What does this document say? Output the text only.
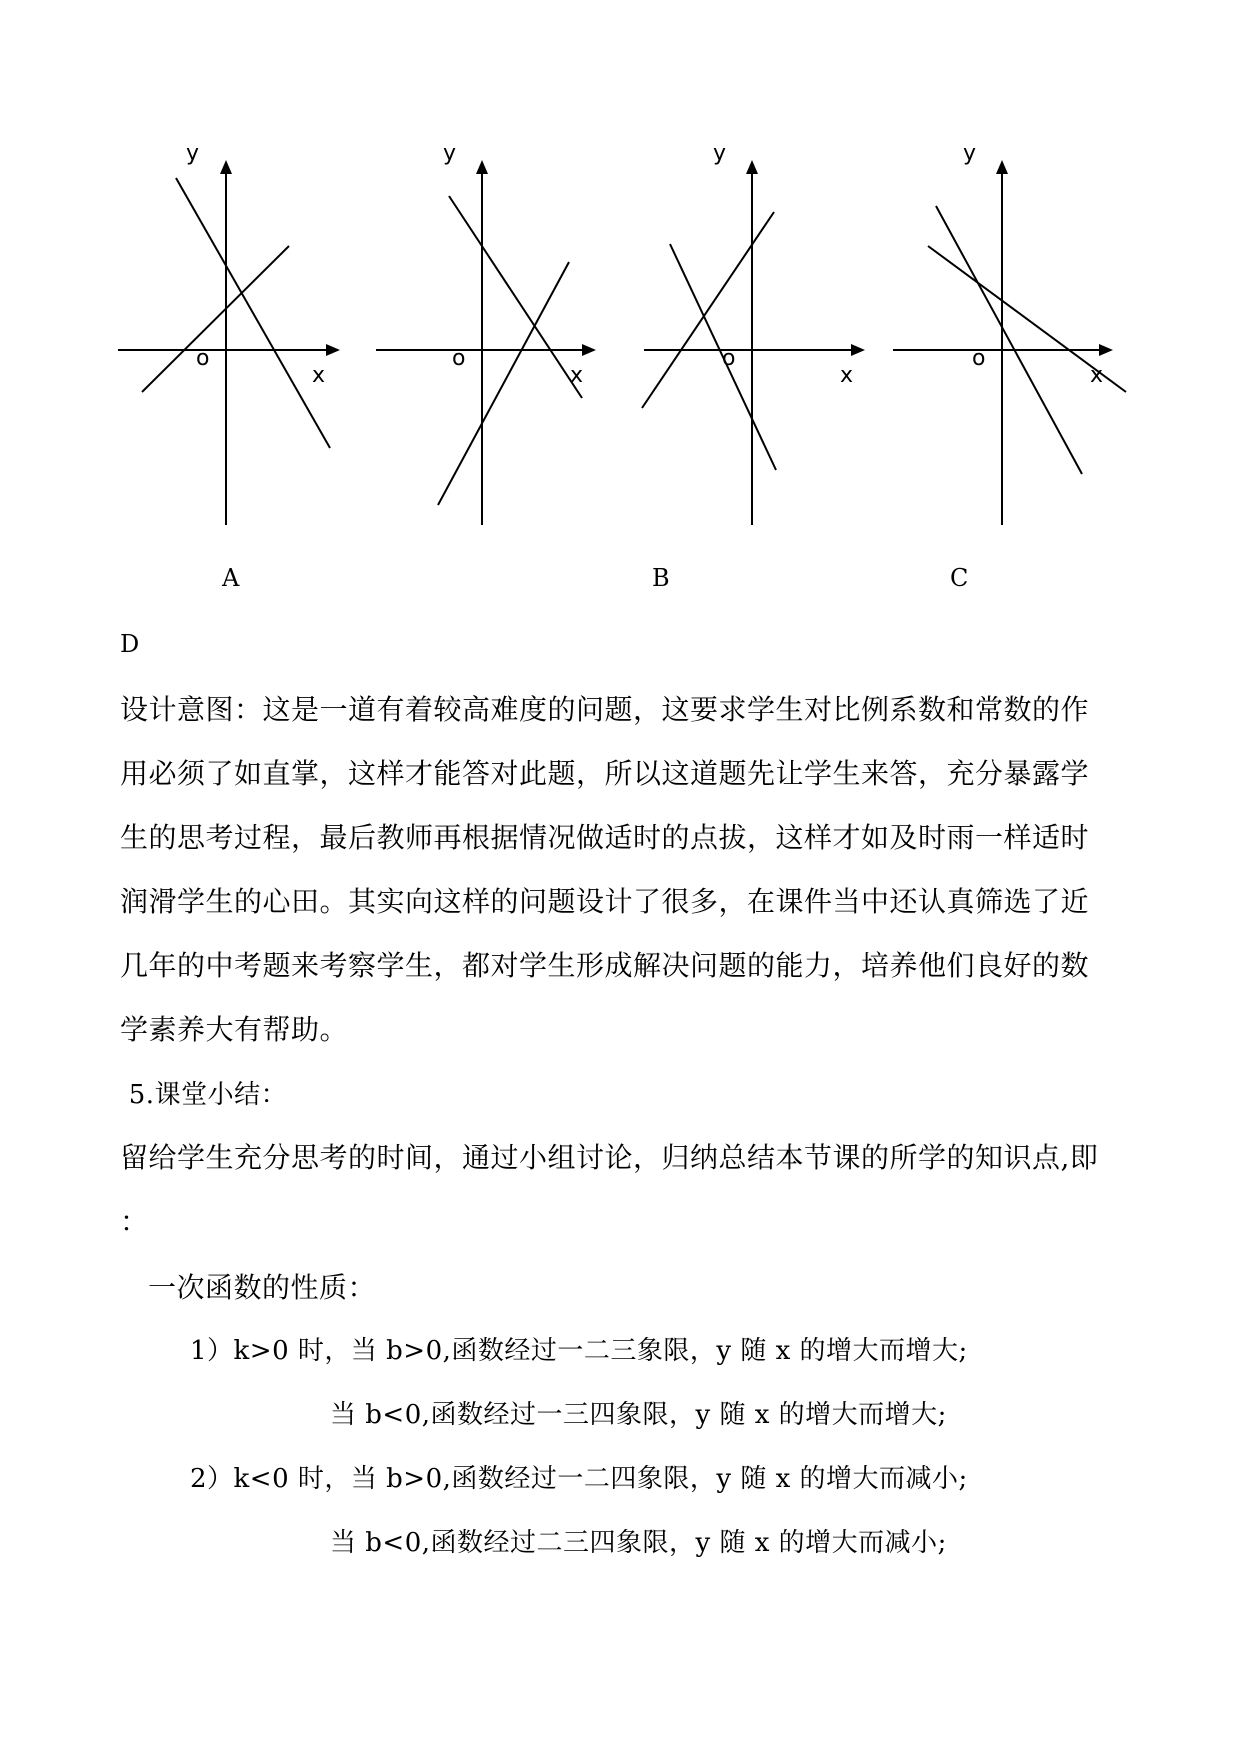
y
x
o
y
x
o
y
x
o
y
x
o
A	B	C
D
设计意图：这是一道有着较高难度的问题，这要求学生对比例系数和常数的作
用必须了如直掌，这样才能答对此题，所以这道题先让学生来答，充分暴露学
生的思考过程，最后教师再根据情况做适时的点拔，这样才如及时雨一样适时
润滑学生的心田。其实向这样的问题设计了很多，在课件当中还认真筛选了近
几年的中考题来考察学生，都对学生形成解决问题的能力，培养他们良好的数
学素养大有帮助。
5.课堂小结：
留给学生充分思考的时间，通过小组讨论，归纳总结本节课的所学的知识点,即
：
一次函数的性质：
1）k>0 时，当 b>0,函数经过一二三象限，y 随 x 的增大而增大;
当 b<0,函数经过一三四象限，y 随 x 的增大而增大;
2）k<0 时，当 b>0,函数经过一二四象限，y 随 x 的增大而减小;
当 b<0,函数经过二三四象限，y 随 x 的增大而减小;
